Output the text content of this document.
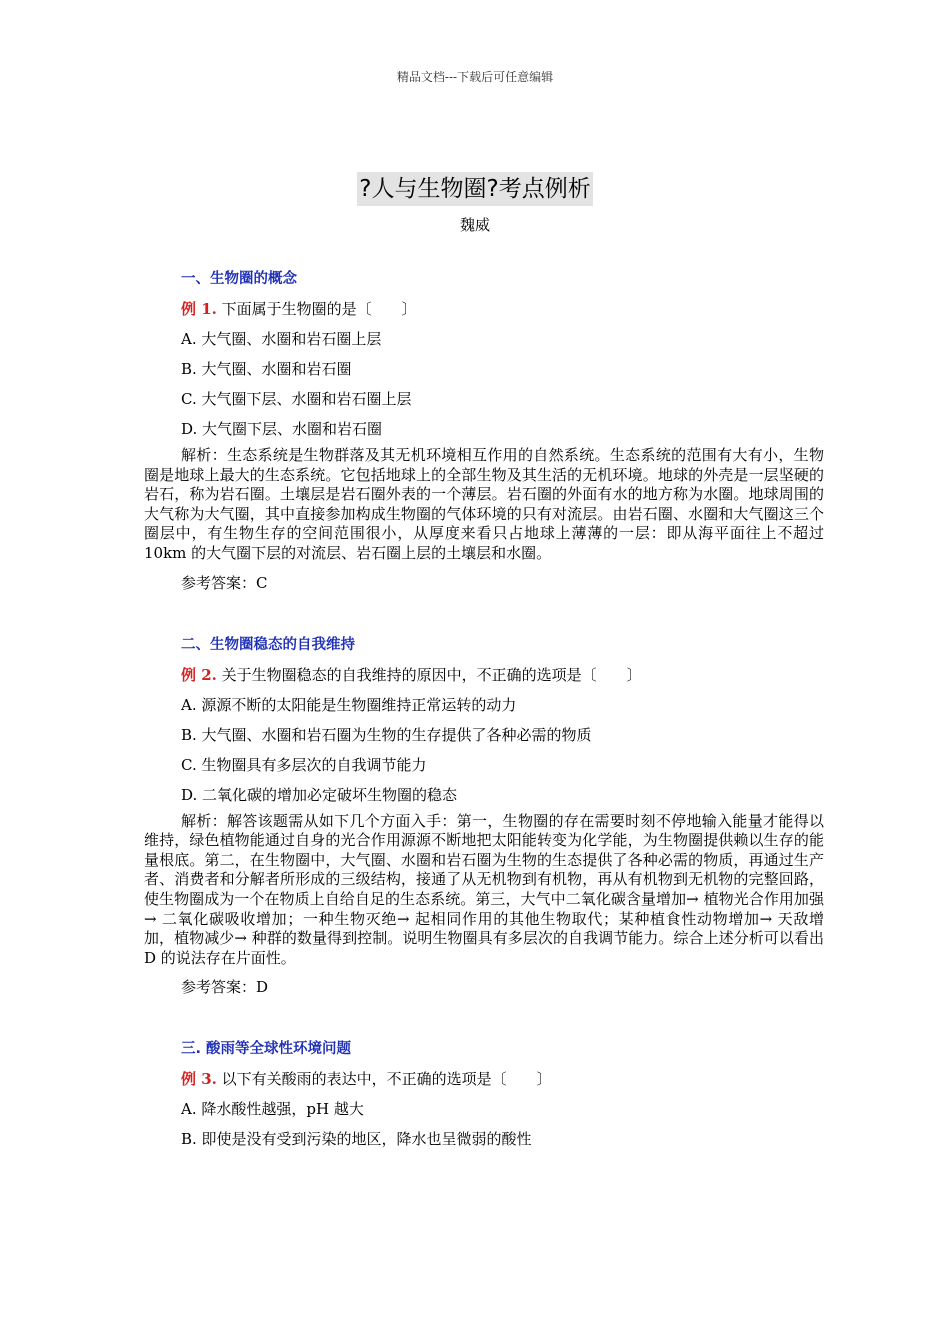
精品文档---下载后可任意编辑
?人与生物圈?考点例析
魏威
一、生物圈的概念
例 1. 下面属于生物圈的是〔　　〕
A. 大气圈、水圈和岩石圈上层
B. 大气圈、水圈和岩石圈
C. 大气圈下层、水圈和岩石圈上层
D. 大气圈下层、水圈和岩石圈
解析：生态系统是生物群落及其无机环境相互作用的自然系统。生态系统的范围有大有小，生物圈是地球上最大的生态系统。它包括地球上的全部生物及其生活的无机环境。地球的外壳是一层坚硬的岩石，称为岩石圈。土壤层是岩石圈外表的一个薄层。岩石圈的外面有水的地方称为水圈。地球周围的大气称为大气圈，其中直接参加构成生物圈的气体环境的只有对流层。由岩石圈、水圈和大气圈这三个圈层中，有生物生存的空间范围很小，从厚度来看只占地球上薄薄的一层：即从海平面往上不超过 10km 的大气圈下层的对流层、岩石圈上层的土壤层和水圈。
参考答案：C
二、生物圈稳态的自我维持
例 2. 关于生物圈稳态的自我维持的原因中，不正确的选项是〔　　〕
A. 源源不断的太阳能是生物圈维持正常运转的动力
B. 大气圈、水圈和岩石圈为生物的生存提供了各种必需的物质
C. 生物圈具有多层次的自我调节能力
D. 二氧化碳的增加必定破坏生物圈的稳态
解析：解答该题需从如下几个方面入手：第一，生物圈的存在需要时刻不停地输入能量才能得以维持，绿色植物能通过自身的光合作用源源不断地把太阳能转变为化学能，为生物圈提供赖以生存的能量根底。第二，在生物圈中，大气圈、水圈和岩石圈为生物的生态提供了各种必需的物质，再通过生产者、消费者和分解者所形成的三级结构，接通了从无机物到有机物，再从有机物到无机物的完整回路，使生物圈成为一个在物质上自给自足的生态系统。第三，大气中二氧化碳含量增加→ 植物光合作用加强→ 二氧化碳吸收增加；一种生物灭绝→ 起相同作用的其他生物取代；某种植食性动物增加→ 天敌增加，植物减少→ 种群的数量得到控制。说明生物圈具有多层次的自我调节能力。综合上述分析可以看出 D 的说法存在片面性。
参考答案：D
三. 酸雨等全球性环境问题
例 3. 以下有关酸雨的表达中，不正确的选项是〔　　〕
A. 降水酸性越强，pH 越大
B. 即使是没有受到污染的地区，降水也呈微弱的酸性
